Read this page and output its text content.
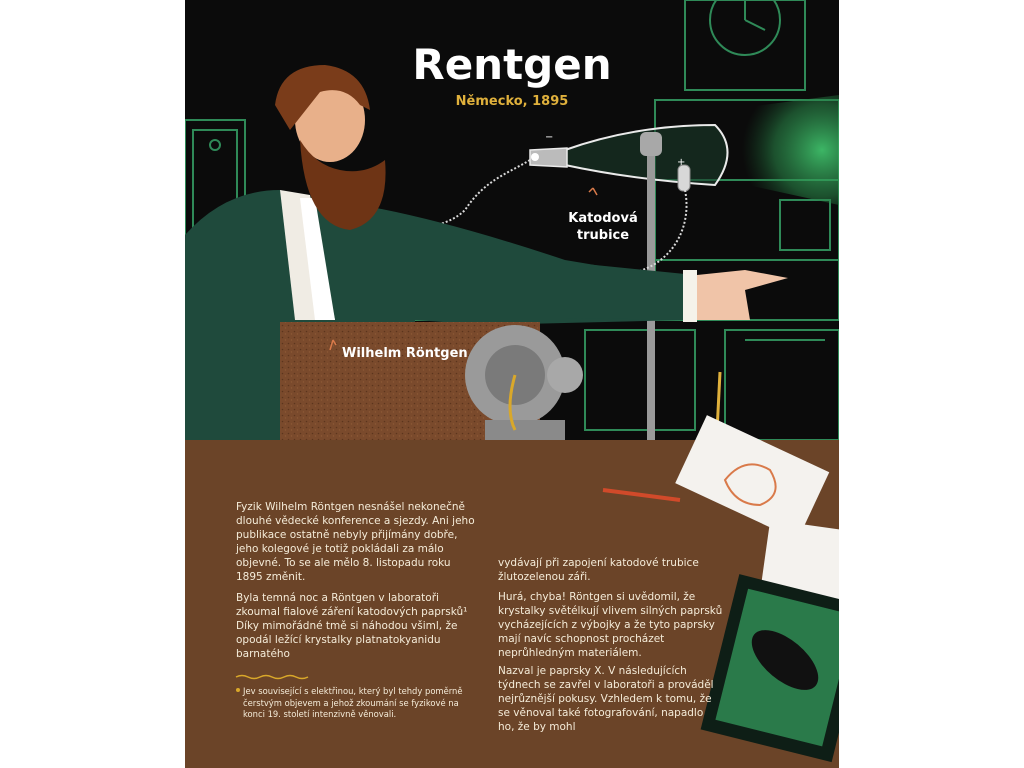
+
−
Rentgen
Německo, 1895
Katodová trubice
Wilhelm Röntgen

Fyzik Wilhelm Röntgen nesnášel nekonečně dlouhé vědecké konference a sjezdy. Ani jeho publikace ostatně nebyly přijímány dobře, jeho kolegové je totiž pokládali za málo objevné. To se ale mělo 8. listopadu roku 1895 změnit.

Byla temná noc a Röntgen v laboratoři zkoumal fialové záření katodových paprsků¹ Díky mimořádné tmě si náhodou všiml, že opodál ležící krystalky platnatokyanidu barnatého

vydávají při zapojení katodové trubice žlutozelenou záři.

Hurá, chyba! Röntgen si uvědomil, že krystalky světélkují vlivem silných paprsků vycházejících z výbojky a že tyto paprsky mají navíc schopnost procházet neprůhledným materiálem.

Nazval je paprsky X. V následujících týdnech se zavřel v laboratoři a prováděl nejrůznější pokusy. Vzhledem k tomu, že se věnoval také fotografování, napadlo ho, že by mohl

Jev související s elektřinou, který byl tehdy poměrně čerstvým objevem a jehož zkoumání se fyzikové na konci 19. století intenzivně věnovali.
